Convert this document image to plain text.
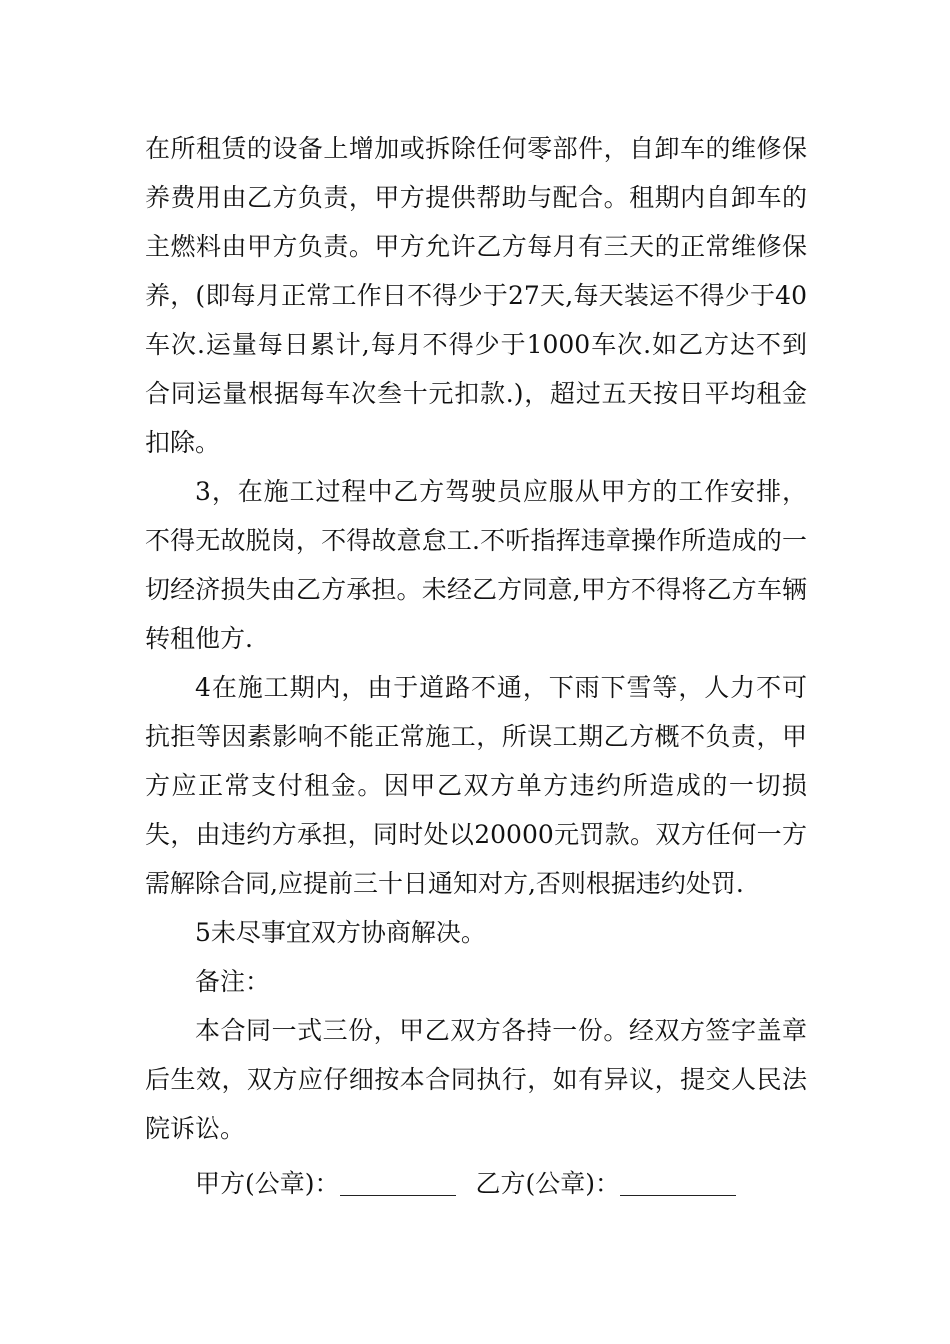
在所租赁的设备上增加或拆除任何零部件，自卸车的维修保养费用由乙方负责，甲方提供帮助与配合。租期内自卸车的主燃料由甲方负责。甲方允许乙方每月有三天的正常维修保养，(即每月正常工作日不得少于27天,每天装运不得少于40车次.运量每日累计,每月不得少于1000车次.如乙方达不到合同运量根据每车次叁十元扣款.)，超过五天按日平均租金扣除。

3，在施工过程中乙方驾驶员应服从甲方的工作安排，不得无故脱岗，不得故意怠工.不听指挥违章操作所造成的一切经济损失由乙方承担。未经乙方同意,甲方不得将乙方车辆转租他方.

4在施工期内，由于道路不通，下雨下雪等，人力不可抗拒等因素影响不能正常施工，所误工期乙方概不负责，甲方应正常支付租金。因甲乙双方单方违约所造成的一切损失，由违约方承担，同时处以20000元罚款。双方任何一方需解除合同,应提前三十日通知对方,否则根据违约处罚.

5未尽事宜双方协商解决。

备注：

本合同一式三份，甲乙双方各持一份。经双方签字盖章后生效，双方应仔细按本合同执行，如有异议，提交人民法院诉讼。

甲方(公章)：	乙方(公章)：
